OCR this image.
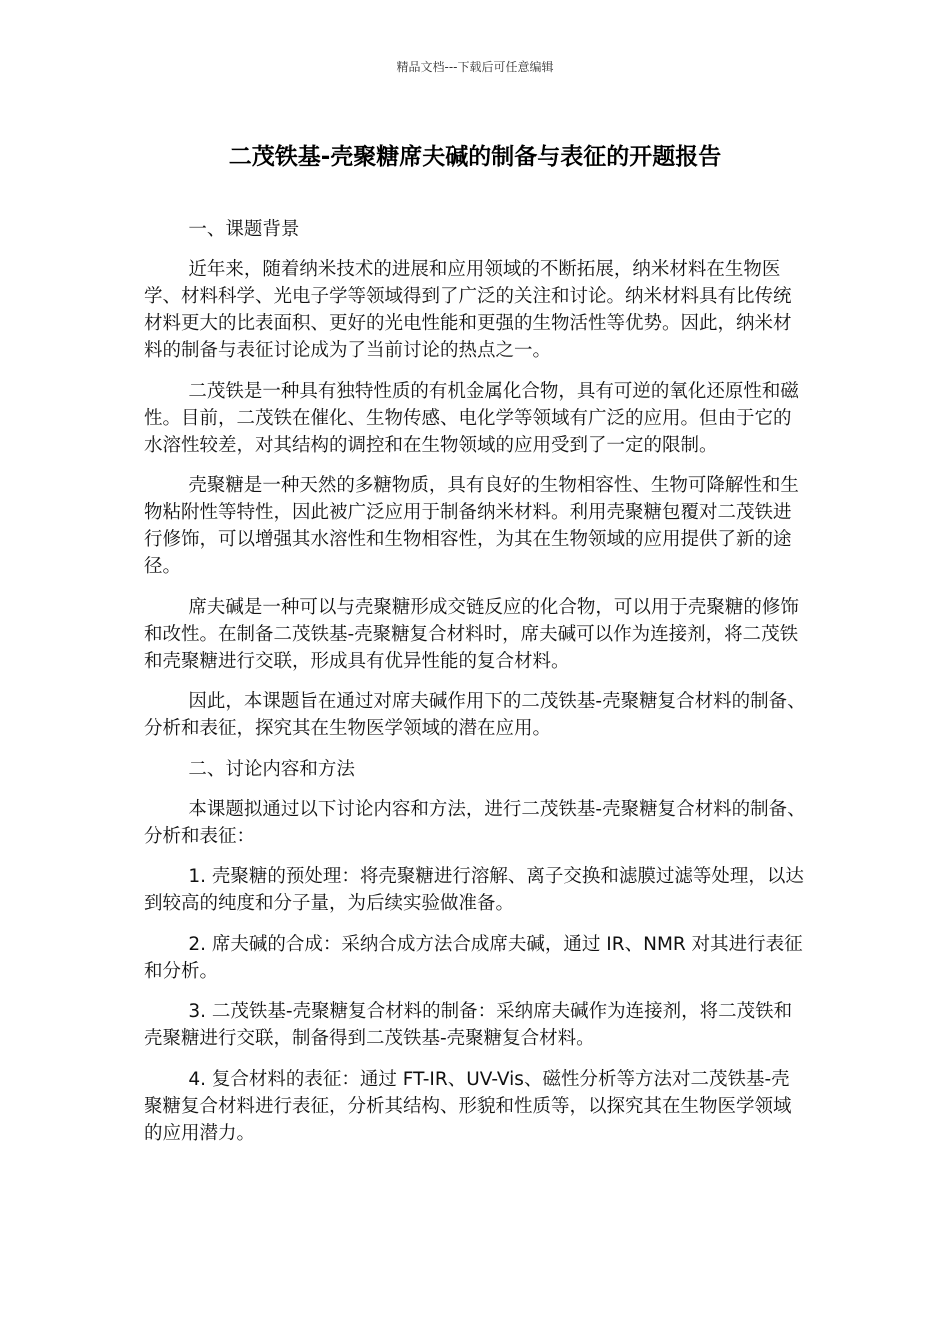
精品文档---下载后可任意编辑
二茂铁基-壳聚糖席夫碱的制备与表征的开题报告

一、课题背景

近年来，随着纳米技术的进展和应用领域的不断拓展，纳米材料在生物医学、材料科学、光电子学等领域得到了广泛的关注和讨论。纳米材料具有比传统材料更大的比表面积、更好的光电性能和更强的生物活性等优势。因此，纳米材料的制备与表征讨论成为了当前讨论的热点之一。

二茂铁是一种具有独特性质的有机金属化合物，具有可逆的氧化还原性和磁性。目前，二茂铁在催化、生物传感、电化学等领域有广泛的应用。但由于它的水溶性较差，对其结构的调控和在生物领域的应用受到了一定的限制。

壳聚糖是一种天然的多糖物质，具有良好的生物相容性、生物可降解性和生物粘附性等特性，因此被广泛应用于制备纳米材料。利用壳聚糖包覆对二茂铁进行修饰，可以增强其水溶性和生物相容性，为其在生物领域的应用提供了新的途径。

席夫碱是一种可以与壳聚糖形成交链反应的化合物，可以用于壳聚糖的修饰和改性。在制备二茂铁基-壳聚糖复合材料时，席夫碱可以作为连接剂，将二茂铁和壳聚糖进行交联，形成具有优异性能的复合材料。

因此，本课题旨在通过对席夫碱作用下的二茂铁基-壳聚糖复合材料的制备、分析和表征，探究其在生物医学领域的潜在应用。

二、讨论内容和方法

本课题拟通过以下讨论内容和方法，进行二茂铁基-壳聚糖复合材料的制备、分析和表征：

1. 壳聚糖的预处理：将壳聚糖进行溶解、离子交换和滤膜过滤等处理，以达到较高的纯度和分子量，为后续实验做准备。

2. 席夫碱的合成：采纳合成方法合成席夫碱，通过 IR、NMR 对其进行表征和分析。

3. 二茂铁基-壳聚糖复合材料的制备：采纳席夫碱作为连接剂，将二茂铁和壳聚糖进行交联，制备得到二茂铁基-壳聚糖复合材料。

4. 复合材料的表征：通过 FT-IR、UV-Vis、磁性分析等方法对二茂铁基-壳聚糖复合材料进行表征，分析其结构、形貌和性质等，以探究其在生物医学领域的应用潜力。
